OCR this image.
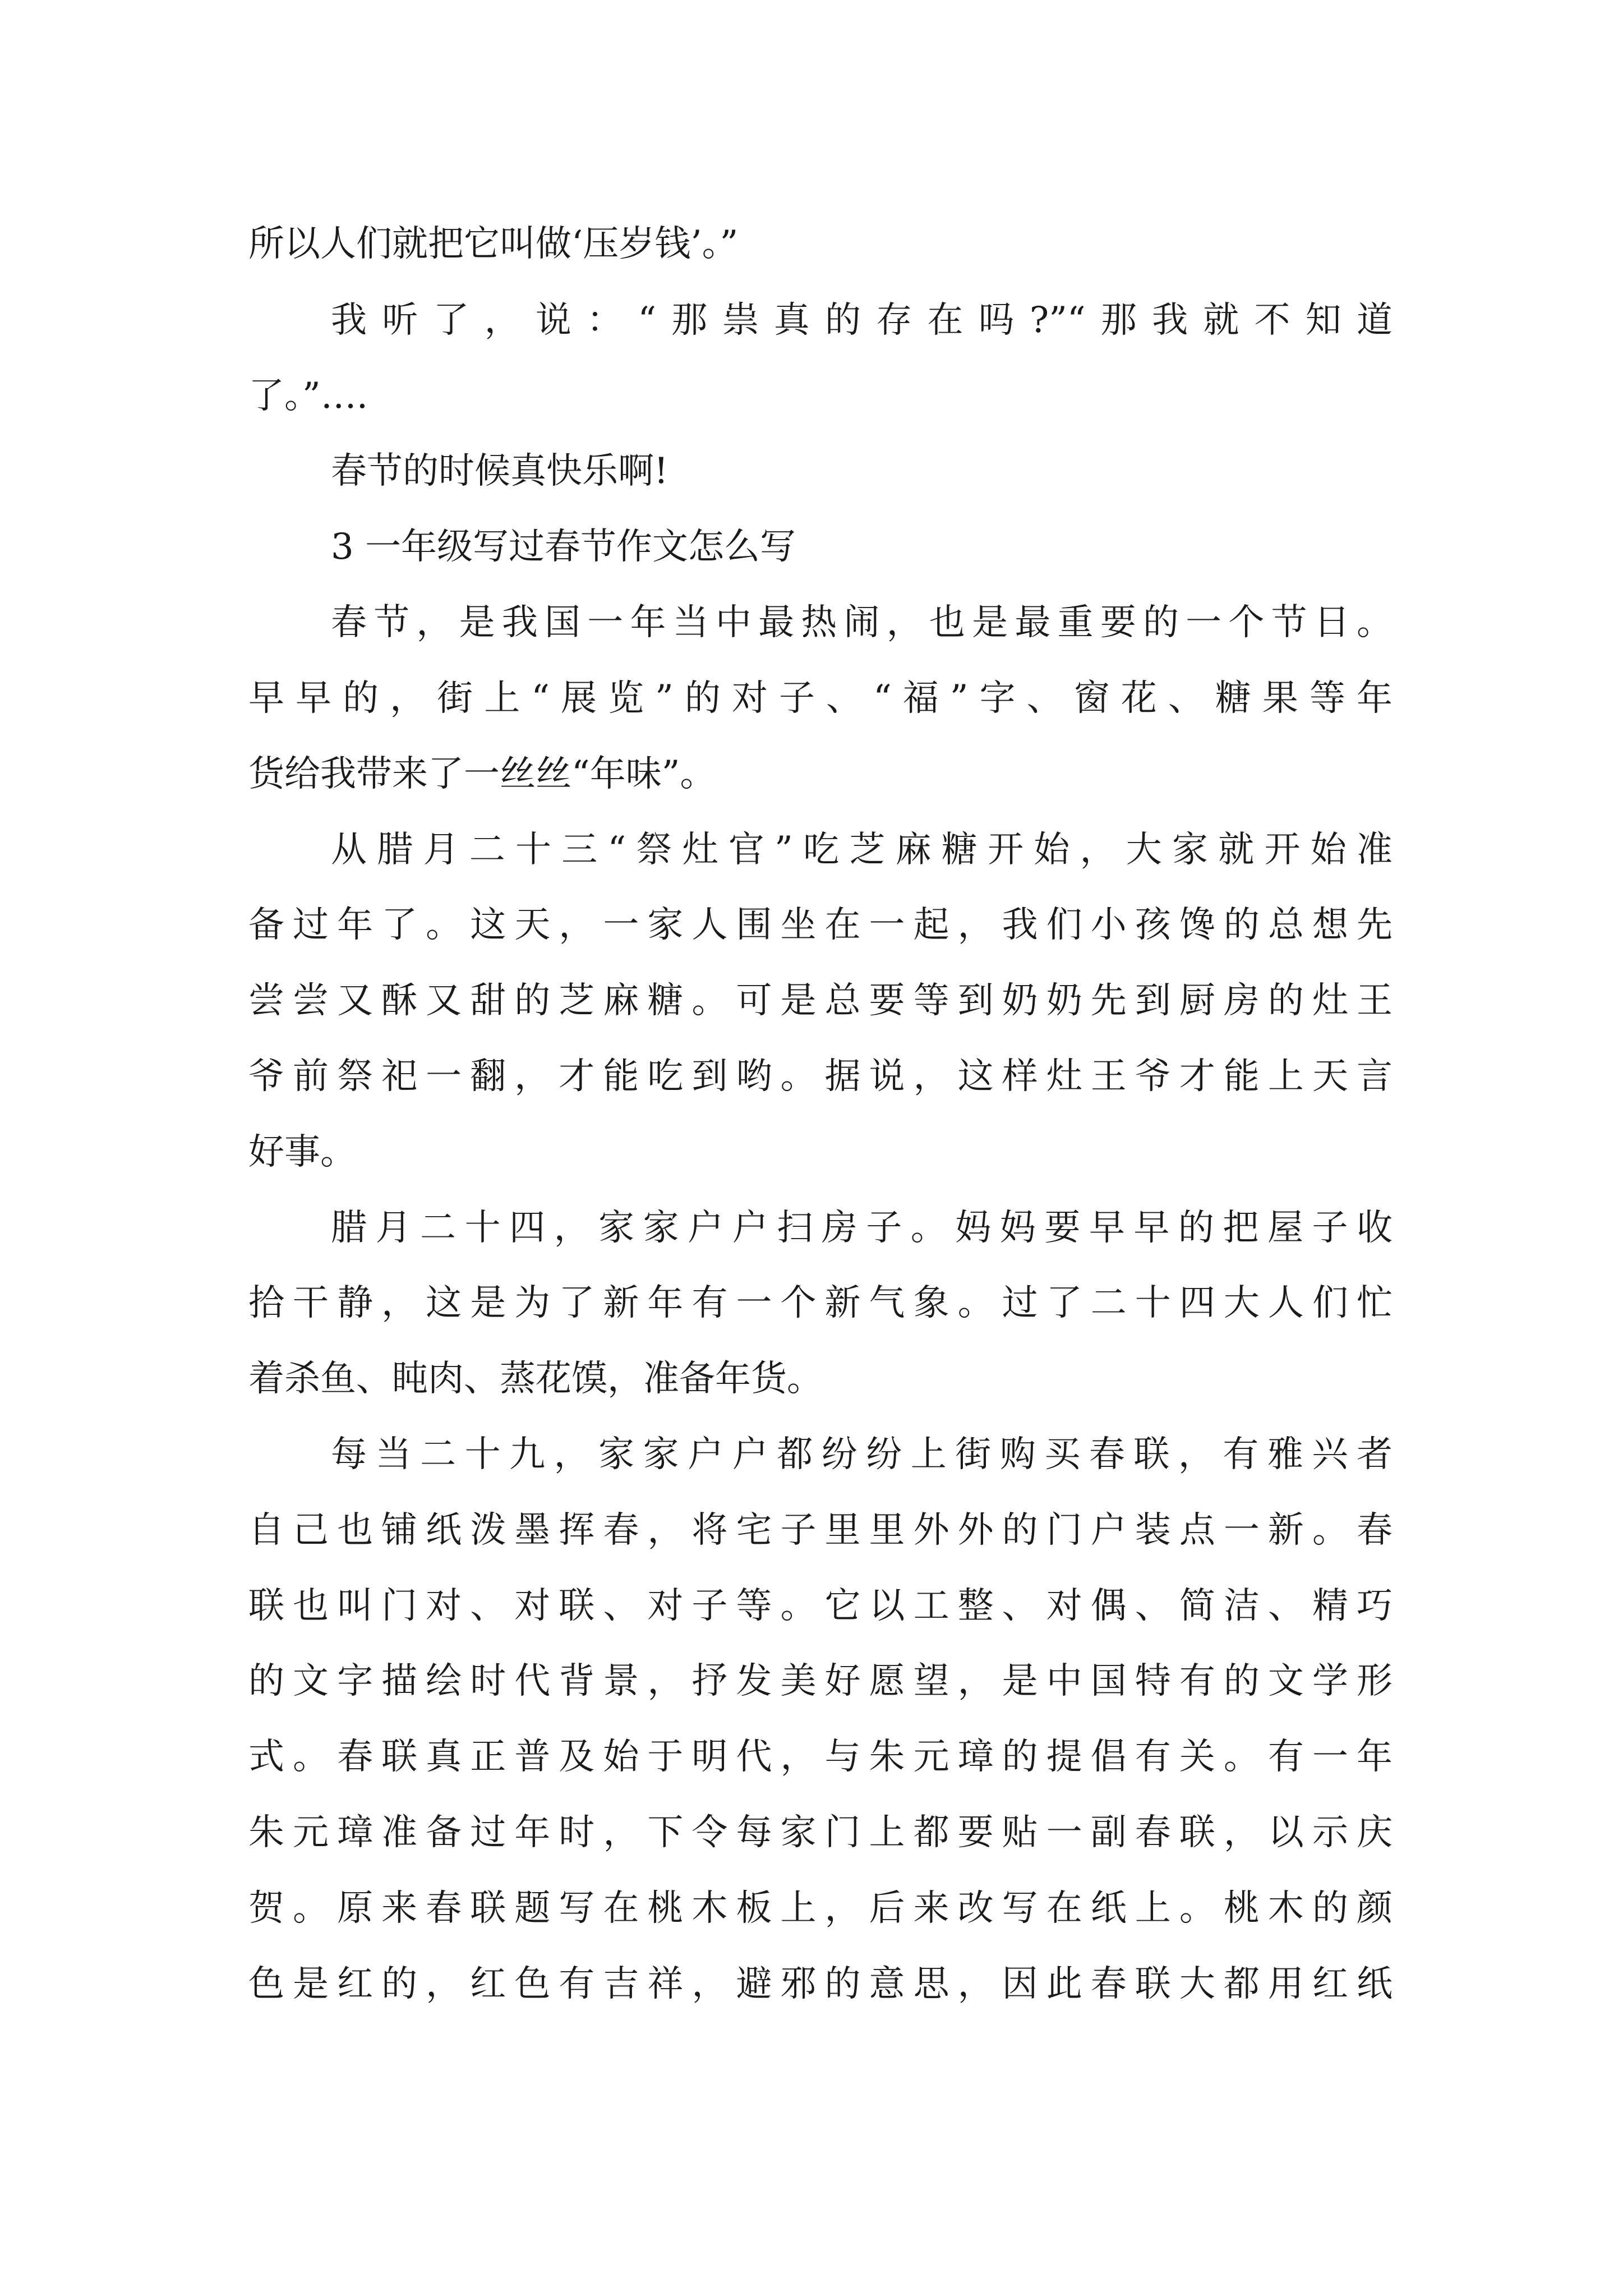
所以人们就把它叫做‘压岁钱’。”
我听了，说：“那祟真的存在吗?”“那我就不知道
了。”….
春节的时候真快乐啊!
3 一年级写过春节作文怎么写
春节，是我国一年当中最热闹，也是最重要的一个节日。
早早的，街上“展览”的对子、“福”字、窗花、糖果等年
货给我带来了一丝丝“年味”。
从腊月二十三“祭灶官”吃芝麻糖开始，大家就开始准
备过年了。这天，一家人围坐在一起，我们小孩馋的总想先
尝尝又酥又甜的芝麻糖。可是总要等到奶奶先到厨房的灶王
爷前祭祀一翻，才能吃到哟。据说，这样灶王爷才能上天言
好事。
腊月二十四，家家户户扫房子。妈妈要早早的把屋子收
拾干静，这是为了新年有一个新气象。过了二十四大人们忙
着杀鱼、盹肉、蒸花馍，准备年货。
每当二十九，家家户户都纷纷上街购买春联，有雅兴者
自己也铺纸泼墨挥春，将宅子里里外外的门户装点一新。春
联也叫门对、对联、对子等。它以工整、对偶、简洁、精巧
的文字描绘时代背景，抒发美好愿望，是中国特有的文学形
式。春联真正普及始于明代，与朱元璋的提倡有关。有一年
朱元璋准备过年时，下令每家门上都要贴一副春联，以示庆
贺。原来春联题写在桃木板上，后来改写在纸上。桃木的颜
色是红的，红色有吉祥，避邪的意思，因此春联大都用红纸
